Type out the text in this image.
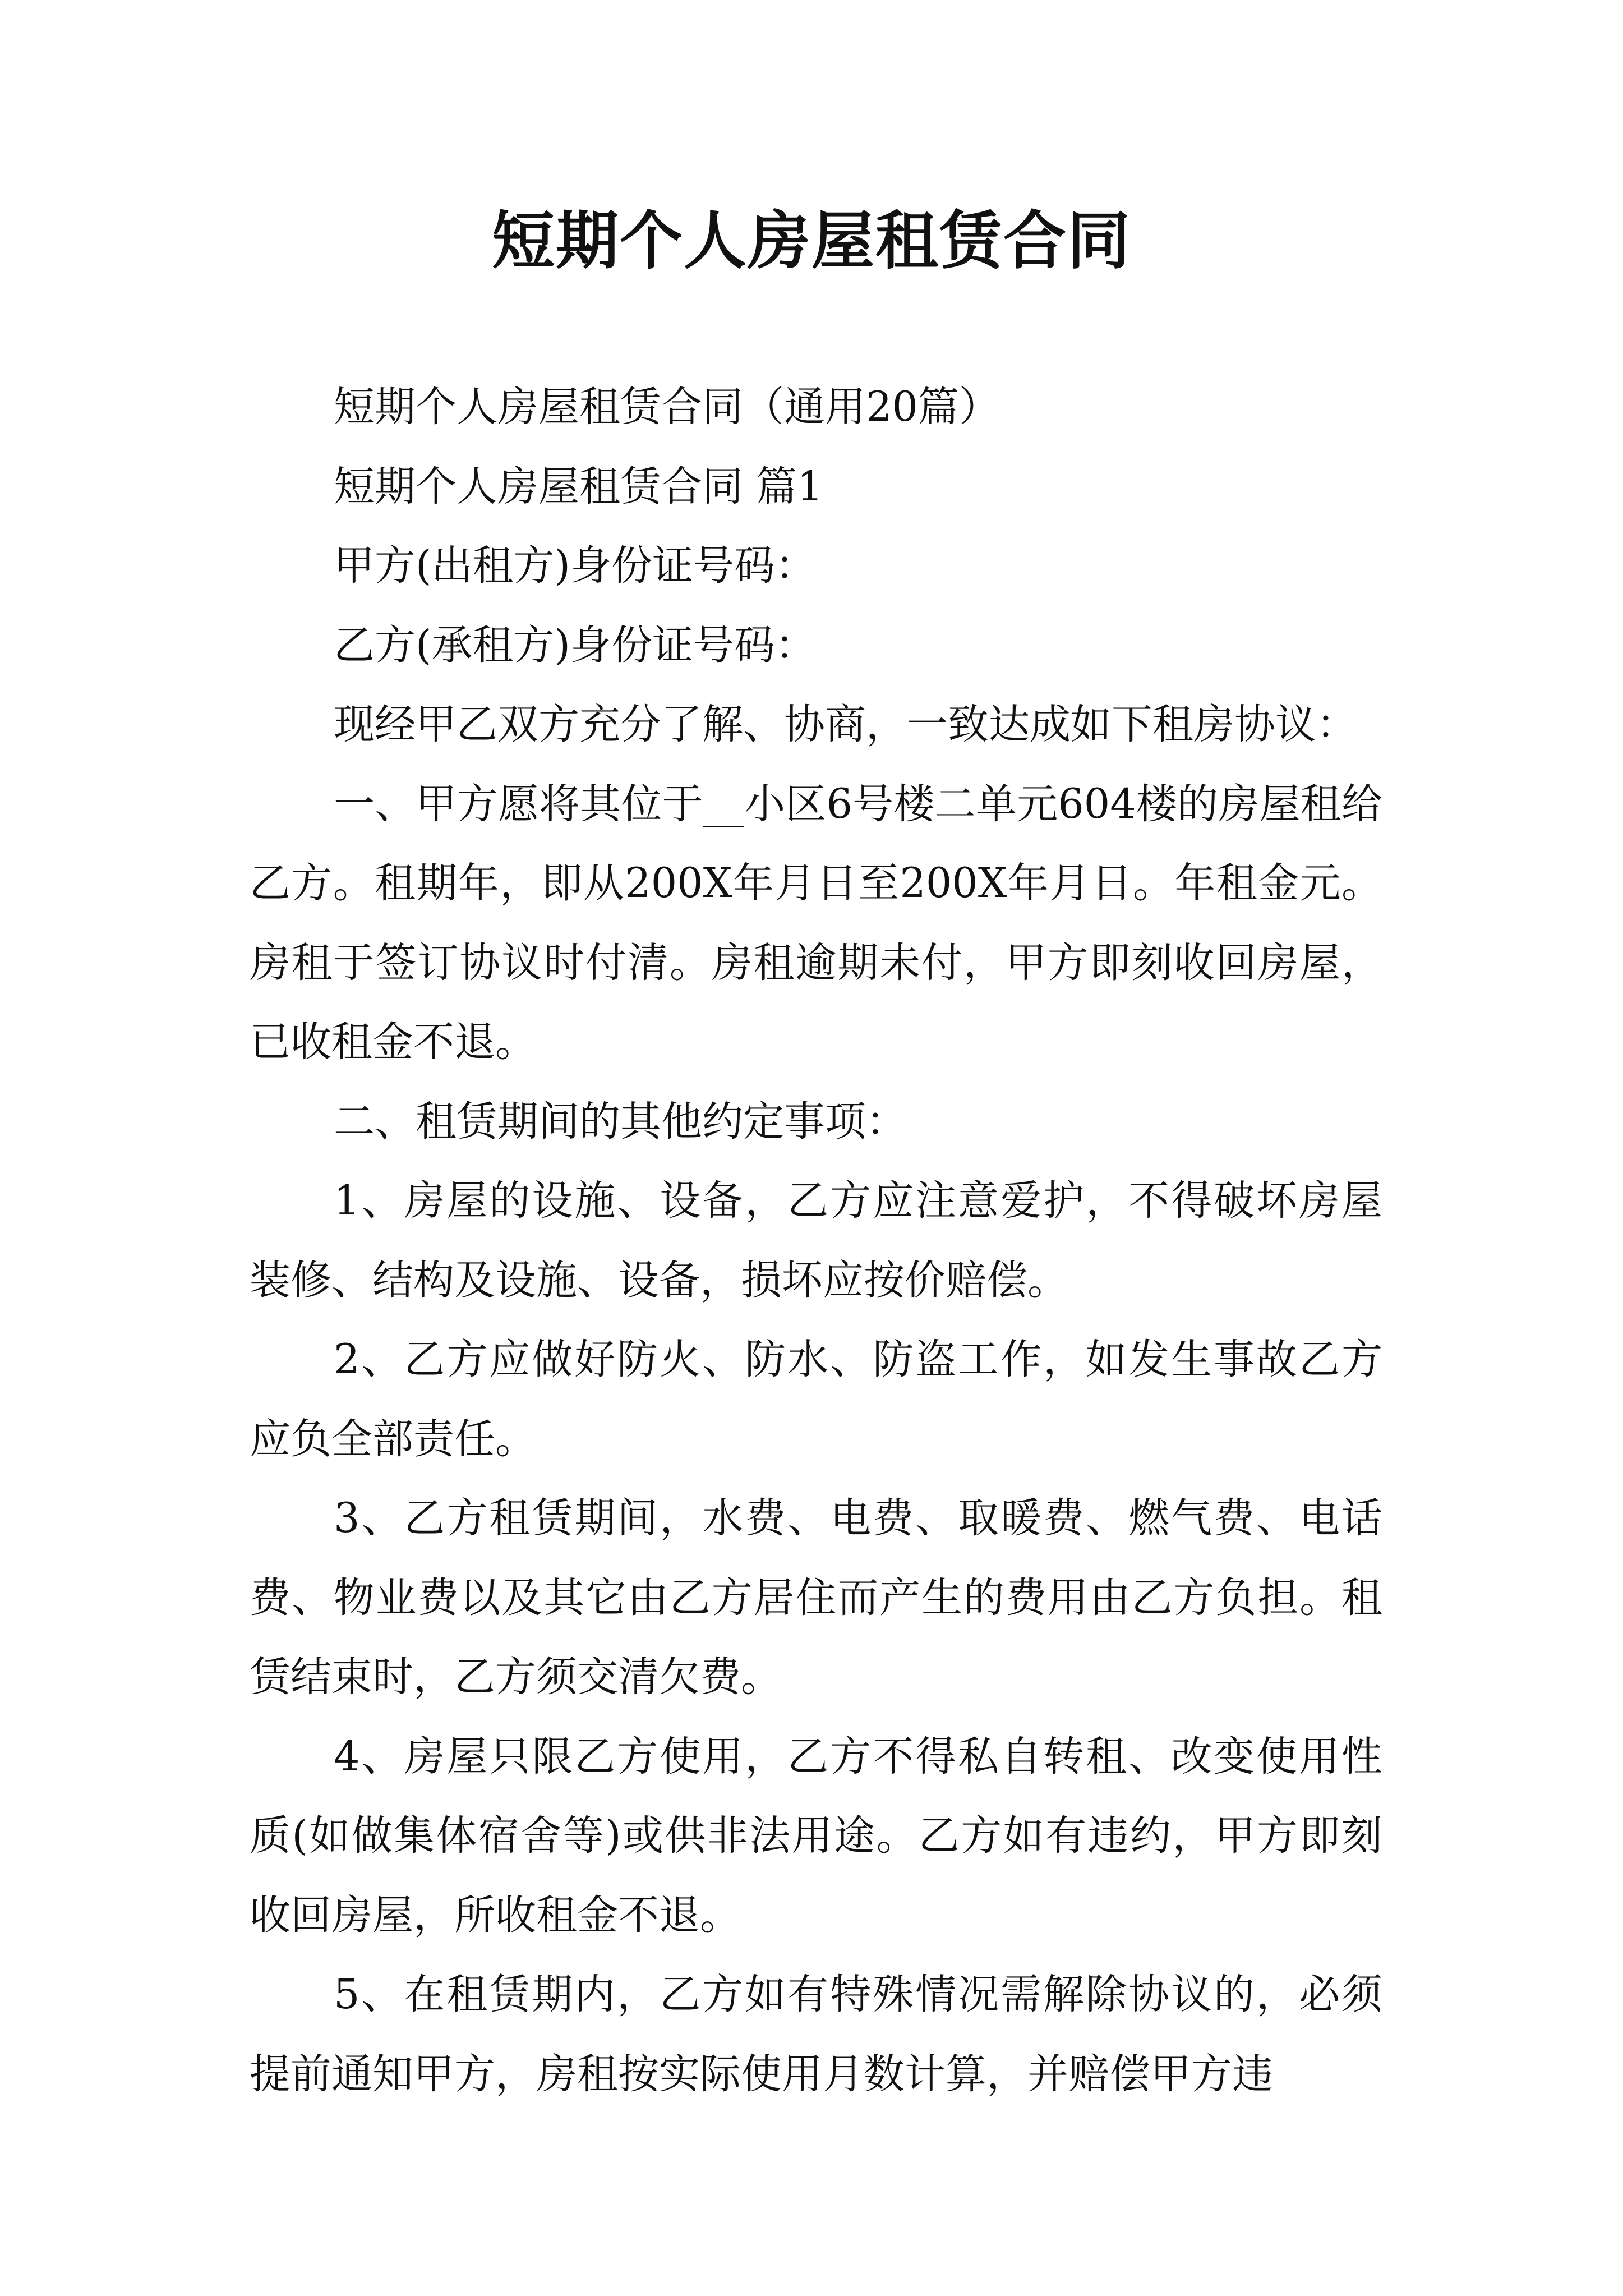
短期个人房屋租赁合同

短期个人房屋租赁合同（通用20篇）

短期个人房屋租赁合同 篇1

甲方(出租方)身份证号码：

乙方(承租方)身份证号码：

现经甲乙双方充分了解、协商，一致达成如下租房协议：

一、甲方愿将其位于__小区6号楼二单元604楼的房屋租给乙方。租期年，即从200X年月日至200X年月日。年租金元。房租于签订协议时付清。房租逾期未付，甲方即刻收回房屋，已收租金不退。

二、租赁期间的其他约定事项：

1、房屋的设施、设备，乙方应注意爱护，不得破坏房屋装修、结构及设施、设备，损坏应按价赔偿。

2、乙方应做好防火、防水、防盗工作，如发生事故乙方应负全部责任。

3、乙方租赁期间，水费、电费、取暖费、燃气费、电话费、物业费以及其它由乙方居住而产生的费用由乙方负担。租赁结束时，乙方须交清欠费。

4、房屋只限乙方使用，乙方不得私自转租、改变使用性质(如做集体宿舍等)或供非法用途。乙方如有违约，甲方即刻收回房屋，所收租金不退。

5、在租赁期内，乙方如有特殊情况需解除协议的，必须提前通知甲方，房租按实际使用月数计算，并赔偿甲方违
